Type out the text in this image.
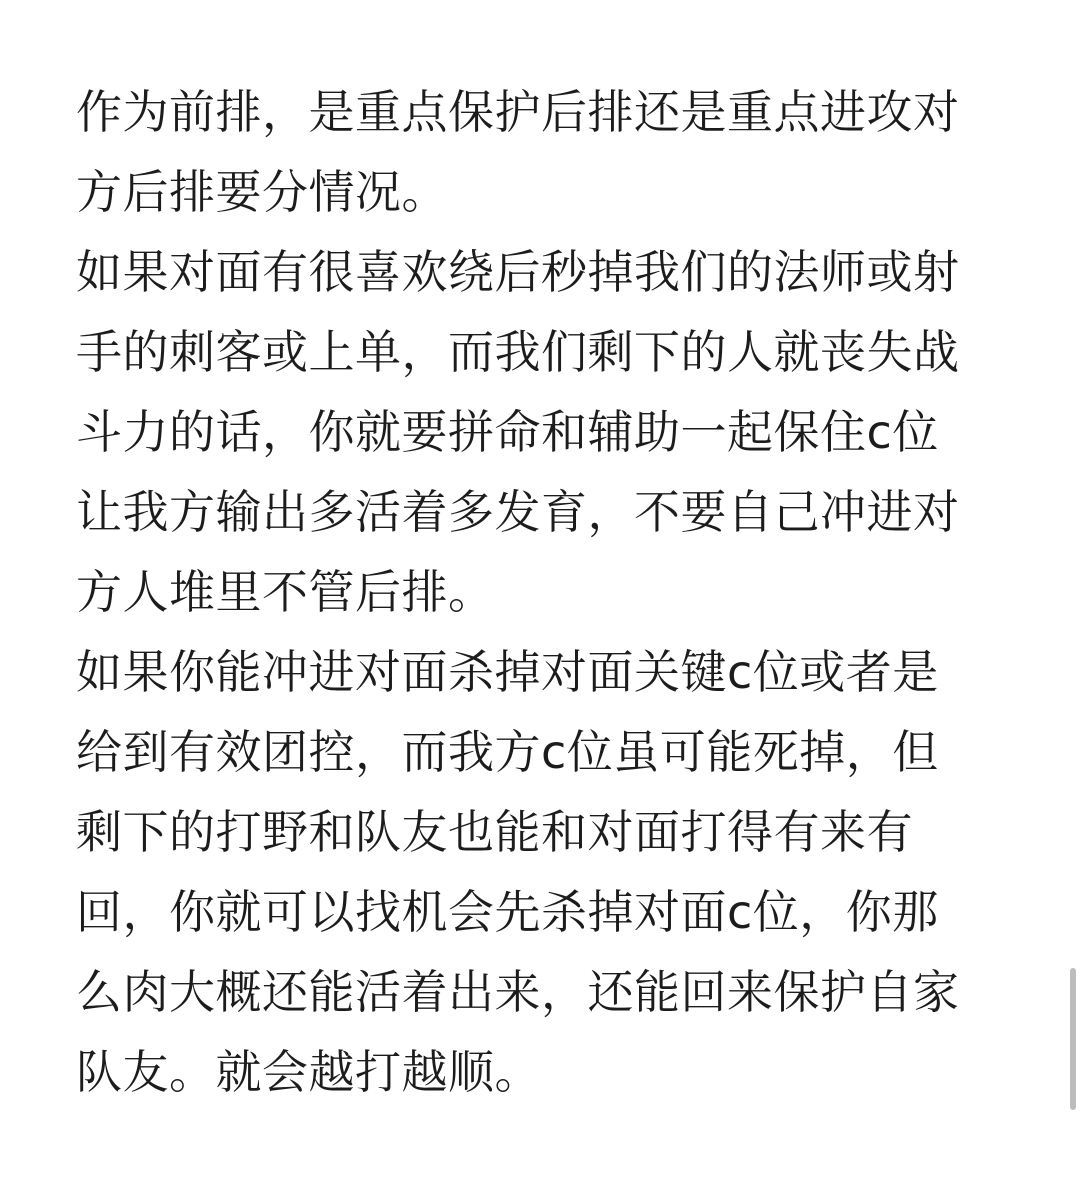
作为前排，是重点保护后排还是重点进攻对
方后排要分情况。
如果对面有很喜欢绕后秒掉我们的法师或射
手的刺客或上单，而我们剩下的人就丧失战
斗力的话，你就要拼命和辅助一起保住c位
让我方输出多活着多发育，不要自己冲进对
方人堆里不管后排。
如果你能冲进对面杀掉对面关键c位或者是
给到有效团控，而我方c位虽可能死掉，但
剩下的打野和队友也能和对面打得有来有
回，你就可以找机会先杀掉对面c位，你那
么肉大概还能活着出来，还能回来保护自家
队友。就会越打越顺。
